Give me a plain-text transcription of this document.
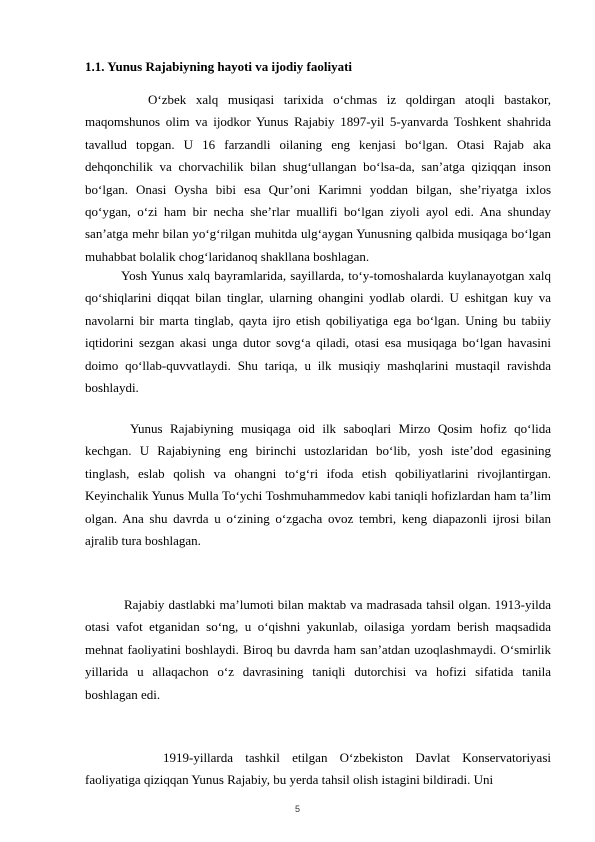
1.1. Yunus Rajabiyning hayoti va ijodiy faoliyati

O‘zbek xalq musiqasi tarixida o‘chmas iz qoldirgan atoqli bastakor, maqomshunos olim va ijodkor Yunus Rajabiy 1897-yil 5-yanvarda Toshkent shahrida tavallud topgan. U 16 farzandli oilaning eng kenjasi bo‘lgan. Otasi Rajab aka dehqonchilik va chorvachilik bilan shug‘ullangan bo‘lsa-da, san’atga qiziqqan inson bo‘lgan. Onasi Oysha bibi esa Qur’oni Karimni yoddan bilgan, she’riyatga ixlos qo‘ygan, o‘zi ham bir necha she’rlar muallifi bo‘lgan ziyoli ayol edi. Ana shunday san’atga mehr bilan yo‘g‘rilgan muhitda ulg‘aygan Yunusning qalbida musiqaga bo‘lgan muhabbat bolalik chog‘laridanoq shakllana boshlagan.

Yosh Yunus xalq bayramlarida, sayillarda, to‘y-tomoshalarda kuylanayotgan xalq qo‘shiqlarini diqqat bilan tinglar, ularning ohangini yodlab olardi. U eshitgan kuy va navolarni bir marta tinglab, qayta ijro etish qobiliyatiga ega bo‘lgan. Uning bu tabiiy iqtidorini sezgan akasi unga dutor sovg‘a qiladi, otasi esa musiqaga bo‘lgan havasini doimo qo‘llab-quvvatlaydi. Shu tariqa, u ilk musiqiy mashqlarini mustaqil ravishda boshlaydi.

Yunus Rajabiyning musiqaga oid ilk saboqlari Mirzo Qosim hofiz qo‘lida kechgan. U Rajabiyning eng birinchi ustozlaridan bo‘lib, yosh iste’dod egasining tinglash, eslab qolish va ohangni to‘g‘ri ifoda etish qobiliyatlarini rivojlantirgan. Keyinchalik Yunus Mulla To‘ychi Toshmuhammedov kabi taniqli hofizlardan ham ta’lim olgan. Ana shu davrda u o‘zining o‘zgacha ovoz tembri, keng diapazonli ijrosi bilan ajralib tura boshlagan.

Rajabiy dastlabki ma’lumoti bilan maktab va madrasada tahsil olgan. 1913-yilda otasi vafot etganidan so‘ng, u o‘qishni yakunlab, oilasiga yordam berish maqsadida mehnat faoliyatini boshlaydi. Biroq bu davrda ham san’atdan uzoqlashmaydi. O‘smirlik yillarida u allaqachon o‘z davrasining taniqli dutorchisi va hofizi sifatida tanila boshlagan edi.

1919-yillarda tashkil etilgan O‘zbekiston Davlat Konservatoriyasi faoliyatiga qiziqqan Yunus Rajabiy, bu yerda tahsil olish istagini bildiradi. Uni

5
